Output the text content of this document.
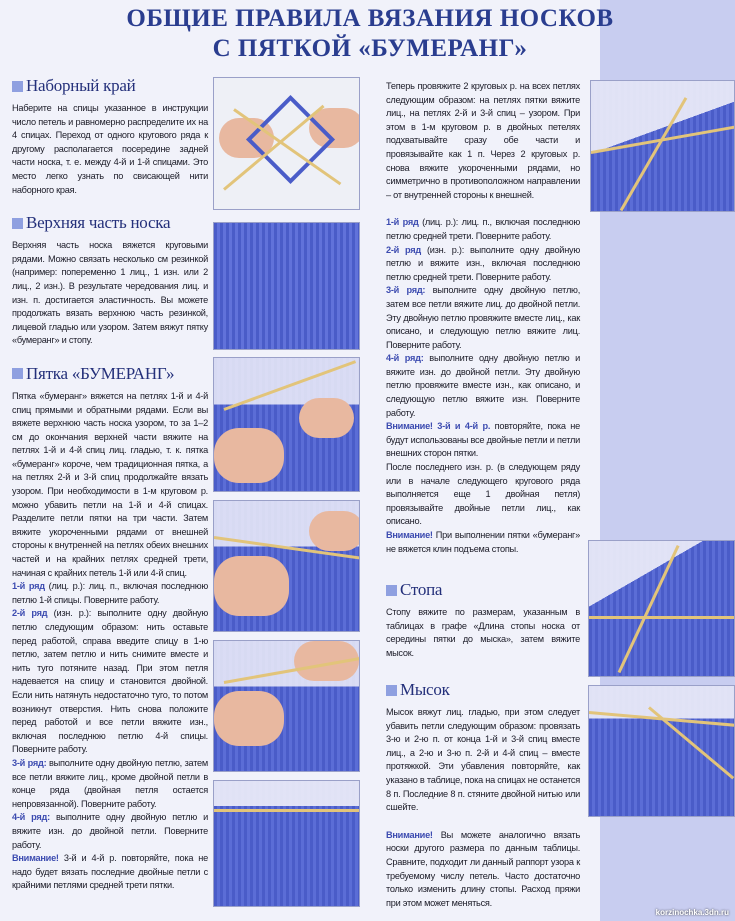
ОБЩИЕ ПРАВИЛА ВЯЗАНИЯ НОСКОВ
С ПЯТКОЙ «БУМЕРАНГ»
Наборный край

Наберите на спицы указанное в инструкции число петель и равномерно распределите их на 4 спицах. Переход от одного кругового ряда к другому располагается посередине задней части носка, т. е. между 4-й и 1-й спицами. Это место легко узнать по свисающей нити наборного края.

Верхняя часть носка

Верхняя часть носка вяжется круговыми рядами. Можно связать несколько см резинкой (например: попеременно 1 лиц., 1 изн. или 2 лиц., 2 изн.). В результате чередования лиц. и изн. п. достигается эластичность. Вы можете продолжать вязать верхнюю часть резинкой, лицевой гладью или узором. Затем вяжут пятку «бумеранг» и стопу.

Пятка «БУМЕРАНГ»

Пятка «бумеранг» вяжется на петлях 1-й и 4-й спиц прямыми и обратными рядами. Если вы вяжете верхнюю часть носка узором, то за 1–2 см до окончания верхней части вяжите на петлях 1-й и 4-й спиц лиц. гладью, т. к. пятка «бумеранг» короче, чем традиционная пятка, а на петлях 2-й и 3-й спиц продолжайте вязать узором. При необходимости в 1-м круговом р. можно убавить петли на 1-й и 4-й спицах. Разделите петли пятки на три части. Затем вяжите укороченными рядами от внешней стороны к внутренней на петлях обеих внешних частей и на крайних петлях средней трети, начиная с крайних петель 1-й или 4-й спиц.

1-й ряд (лиц. р.): лиц. п., включая последнюю петлю 1-й спицы. Поверните работу.

2-й ряд (изн. р.): выполните одну двойную петлю следующим образом: нить оставьте перед работой, справа введите спицу в 1-ю петлю, затем петлю и нить снимите вместе и нить туго потяните назад. При этом петля надевается на спицу и становится двойной. Если нить натянуть недостаточно туго, то потом возникнут отверстия. Нить снова положите перед работой и все петли вяжите изн., включая последнюю петлю 4-й спицы. Поверните работу.

3-й ряд: выполните одну двойную петлю, затем все петли вяжите лиц., кроме двойной петли в конце ряда (двойная петля остается непровязанной). Поверните работу.

4-й ряд: выполните одну двойную петлю и вяжите изн. до двойной петли. Поверните работу.

Внимание! 3-й и 4-й р. повторяйте, пока не надо будет вязать последние двойные петли с крайними петлями средней трети пятки.

Теперь провяжите 2 круговых р. на всех петлях следующим образом: на петлях пятки вяжите лиц., на петлях 2-й и 3-й спиц – узором. При этом в 1-м круговом р. в двойных петелях подхватывайте сразу обе части и провязывайте как 1 п. Через 2 круговых р. снова вяжите укороченными рядами, но симметрично в противоположном направлении – от внутренней стороны к внешней.

1-й ряд (лиц. р.): лиц. п., включая последнюю петлю средней трети. Поверните работу.

2-й ряд (изн. р.): выполните одну двойную петлю и вяжите изн., включая последнюю петлю средней трети. Поверните работу.

3-й ряд: выполните одну двойную петлю, затем все петли вяжите лиц. до двойной петли. Эту двойную петлю провяжите вместе лиц., как описано, и следующую петлю вяжите лиц. Поверните работу.

4-й ряд: выполните одну двойную петлю и вяжите изн. до двойной петли. Эту двойную петлю провяжите вместе изн., как описано, и следующую петлю вяжите изн. Поверните работу.

Внимание! 3-й и 4-й р. повторяйте, пока не будут использованы все двойные петли и петли внешних сторон пятки.

После последнего изн. р. (в следующем ряду или в начале следующего кругового ряда выполняется еще 1 двойная петля) провязывайте двойные петли лиц., как описано.

Внимание! При выполнении пятки «бумеранг» не вяжется клин подъема стопы.

Стопа

Стопу вяжите по размерам, указанным в таблицах в графе «Длина стопы носка от середины пятки до мыска», затем вяжите мысок.

Мысок

Мысок вяжут лиц. гладью, при этом следует убавить петли следующим образом: провязать 3-ю и 2-ю п. от конца 1-й и 3-й спиц вместе лиц., а 2-ю и 3-ю п. 2-й и 4-й спиц – вместе протяжкой. Эти убавления повторяйте, как указано в таблице, пока на спицах не останется 8 п. Последние 8 п. стяните двойной нитью или сшейте.

Внимание! Вы можете аналогично вязать носки другого размера по данным таблицы. Сравните, подходит ли данный раппорт узора к требуемому числу петель. Часто достаточно только изменить длину стопы. Расход пряжи при этом может меняться.

korzinochka.3dn.ru
